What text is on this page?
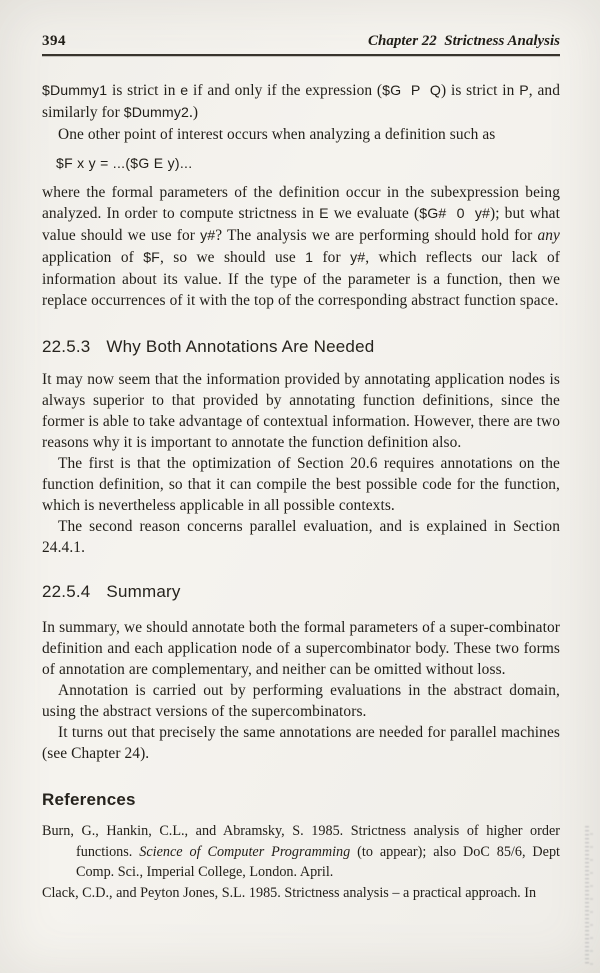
394	Chapter 22  Strictness Analysis

$Dummy1 is strict in e if and only if the expression ($G  P  Q) is strict in P, and similarly for $Dummy2.)

One other point of interest occurs when analyzing a definition such as

$F x y = ...($G E y)...

where the formal parameters of the definition occur in the subexpression being analyzed. In order to compute strictness in E we evaluate ($G#  0  y#); but what value should we use for y#? The analysis we are performing should hold for any application of $F, so we should use 1 for y#, which reflects our lack of information about its value. If the type of the parameter is a function, then we replace occurrences of it with the top of the corresponding abstract function space.

22.5.3 Why Both Annotations Are Needed

It may now seem that the information provided by annotating application nodes is always superior to that provided by annotating function definitions, since the former is able to take advantage of contextual information. However, there are two reasons why it is important to annotate the function definition also.

The first is that the optimization of Section 20.6 requires annotations on the function definition, so that it can compile the best possible code for the function, which is nevertheless applicable in all possible contexts.

The second reason concerns parallel evaluation, and is explained in Section 24.4.1.

22.5.4 Summary

In summary, we should annotate both the formal parameters of a super-combinator definition and each application node of a supercombinator body. These two forms of annotation are complementary, and neither can be omitted without loss.

Annotation is carried out by performing evaluations in the abstract domain, using the abstract versions of the supercombinators.

It turns out that precisely the same annotations are needed for parallel machines (see Chapter 24).

References

Burn, G., Hankin, C.L., and Abramsky, S. 1985. Strictness analysis of higher order functions. Science of Computer Programming (to appear); also DoC 85/6, Dept Comp. Sci., Imperial College, London. April.

Clack, C.D., and Peyton Jones, S.L. 1985. Strictness analysis – a practical approach. In
